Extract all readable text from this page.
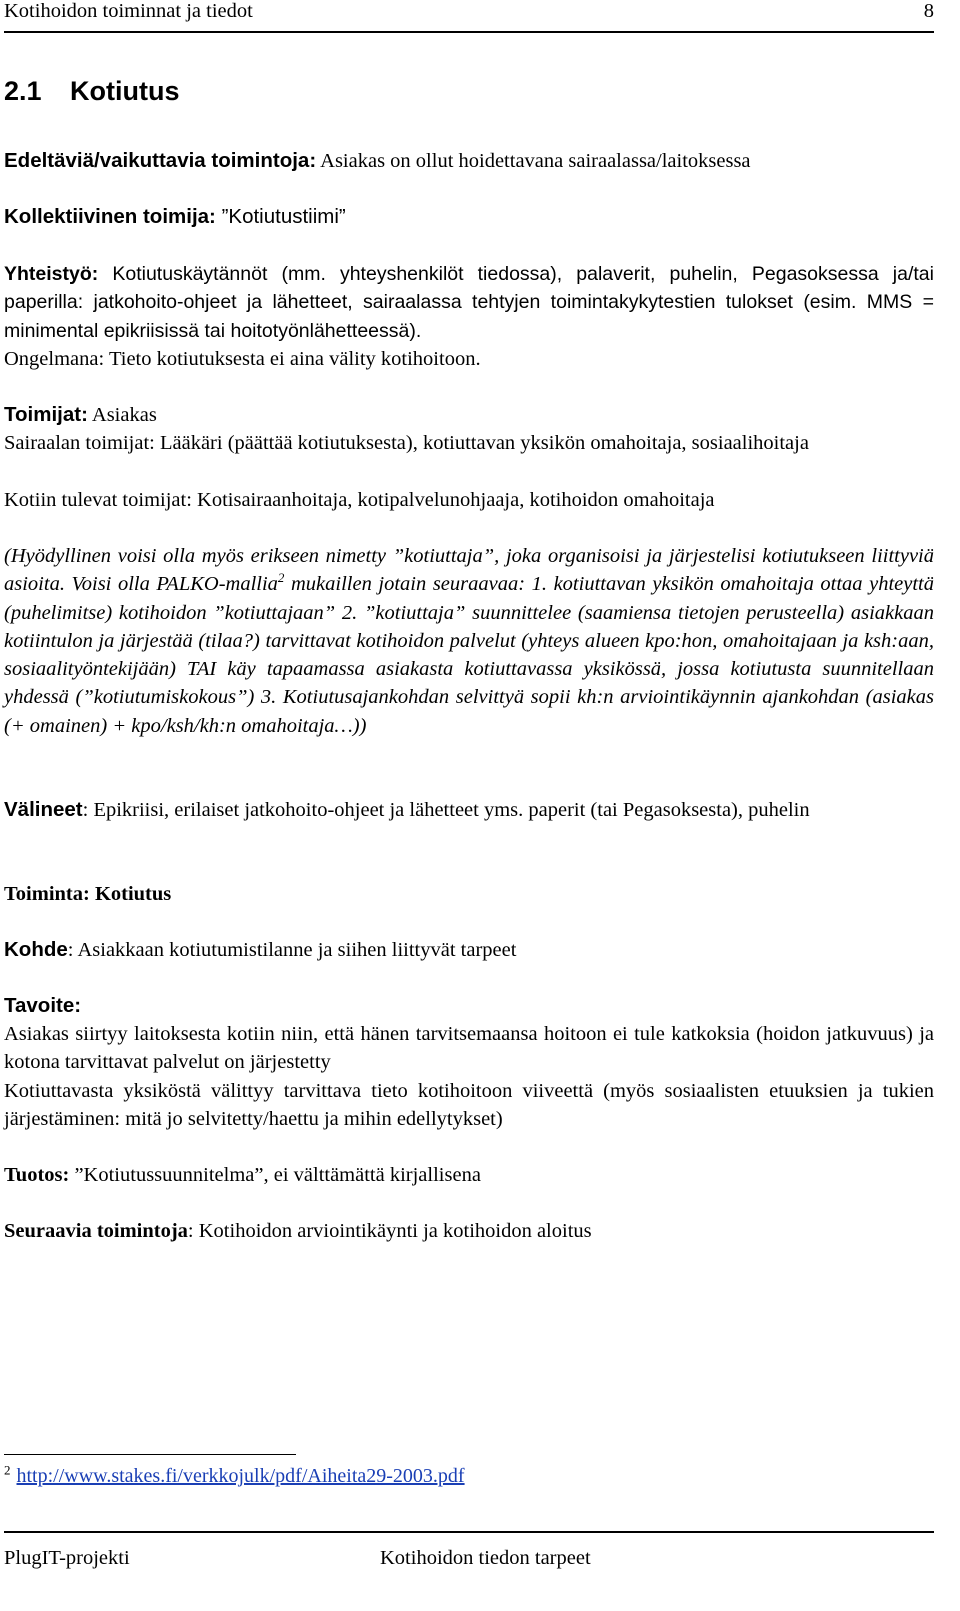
Kotihoidon toiminnat ja tiedot	8
2.1 Kotiutus

Edeltäviä/vaikuttavia toimintoja: Asiakas on ollut hoidettavana sairaalassa/laitoksessa

Kollektiivinen toimija: ”Kotiutustiimi”

Yhteistyö: Kotiutuskäytännöt (mm. yhteyshenkilöt tiedossa), palaverit, puhelin, Pegasoksessa ja/tai paperilla: jatkohoito-ohjeet ja lähetteet, sairaalassa tehtyjen toimintakykytestien tulokset (esim. MMS = minimental epikriisissä tai hoitotyönlähetteessä).

Ongelmana: Tieto kotiutuksesta ei aina välity kotihoitoon.

Toimijat: Asiakas

Sairaalan toimijat: Lääkäri (päättää kotiutuksesta), kotiuttavan yksikön omahoitaja, sosiaalihoitaja

Kotiin tulevat toimijat: Kotisairaanhoitaja, kotipalvelunohjaaja, kotihoidon omahoitaja

(Hyödyllinen voisi olla myös erikseen nimetty ”kotiuttaja”, joka organisoisi ja järjestelisi kotiutukseen liittyviä asioita. Voisi olla PALKO-mallia$^2$ mukaillen jotain seuraavaa: 1. kotiuttavan yksikön omahoitaja ottaa yhteyttä (puhelimitse) kotihoidon ”kotiuttajaan” 2. ”kotiuttaja” suunnittelee (saamiensa tietojen perusteella) asiakkaan kotiintulon ja järjestää (tilaa?) tarvittavat kotihoidon palvelut (yhteys alueen kpo:hon, omahoitajaan ja ksh:aan, sosiaalityöntekijään) TAI käy tapaamassa asiakasta kotiuttavassa yksikössä, jossa kotiutusta suunnitellaan yhdessä (”kotiutumiskokous”) 3. Kotiutusajankohdan selvittyä sopii kh:n arviointikäynnin ajankohdan (asiakas (+ omainen) + kpo/ksh/kh:n omahoitaja…))

Välineet: Epikriisi, erilaiset jatkohoito-ohjeet ja lähetteet yms. paperit (tai Pegasoksesta), puhelin

Toiminta: Kotiutus

Kohde: Asiakkaan kotiutumistilanne ja siihen liittyvät tarpeet

Tavoite:

Asiakas siirtyy laitoksesta kotiin niin, että hänen tarvitsemaansa hoitoon ei tule katkoksia (hoidon jatkuvuus) ja kotona tarvittavat palvelut on järjestetty

Kotiuttavasta yksiköstä välittyy tarvittava tieto kotihoitoon viiveettä (myös sosiaalisten etuuksien ja tukien järjestäminen: mitä jo selvitetty/haettu ja mihin edellytykset)

Tuotos: ”Kotiutussuunnitelma”, ei välttämättä kirjallisena

Seuraavia toimintoja: Kotihoidon arviointikäynti ja kotihoidon aloitus

$^2$ http://www.stakes.fi/verkkojulk/pdf/Aiheita29-2003.pdf
PlugIT-projekti	Kotihoidon tiedon tarpeet
